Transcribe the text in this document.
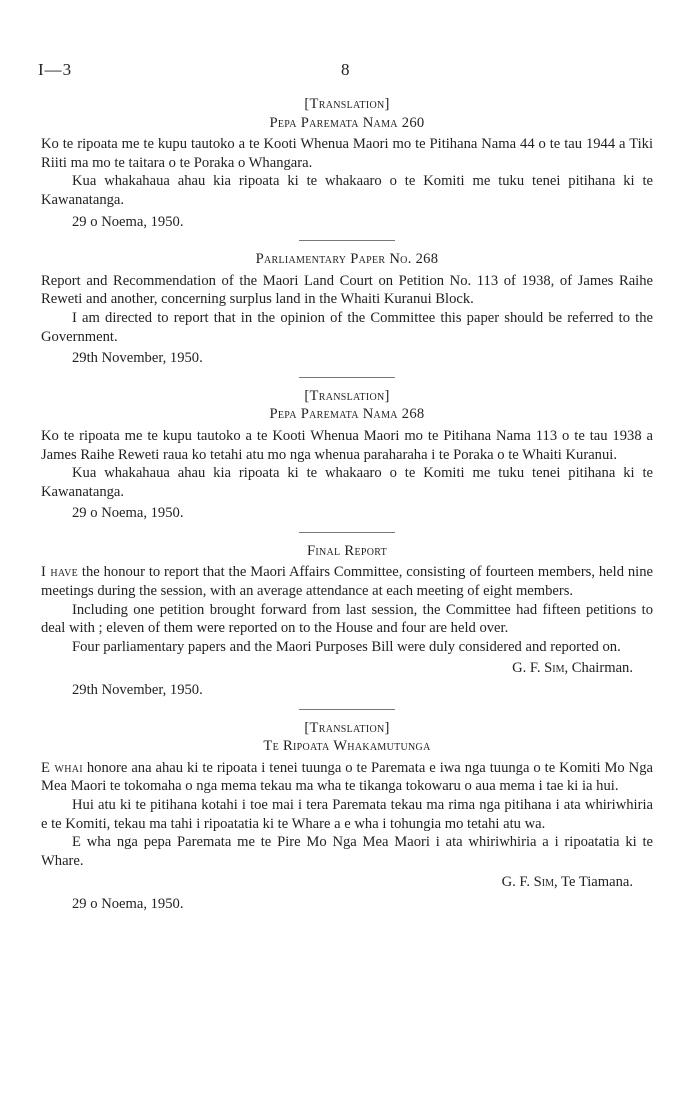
I—3	8
[Translation]
Pepa Paremata Nama 260

Ko te ripoata me te kupu tautoko a te Kooti Whenua Maori mo te Pitihana Nama 44 o te tau 1944 a Tiki Riiti ma mo te taitara o te Poraka o Whangara.

Kua whakahaua ahau kia ripoata ki te whakaaro o te Komiti me tuku tenei pitihana ki te Kawanatanga.

29 o Noema, 1950.
Parliamentary Paper No. 268

Report and Recommendation of the Maori Land Court on Petition No. 113 of 1938, of James Raihe Reweti and another, concerning surplus land in the Whaiti Kuranui Block.

I am directed to report that in the opinion of the Committee this paper should be referred to the Government.

29th November, 1950.
[Translation]
Pepa Paremata Nama 268

Ko te ripoata me te kupu tautoko a te Kooti Whenua Maori mo te Pitihana Nama 113 o te tau 1938 a James Raihe Reweti raua ko tetahi atu mo nga whenua paraharaha i te Poraka o te Whaiti Kuranui.

Kua whakahaua ahau kia ripoata ki te whakaaro o te Komiti me tuku tenei pitihana ki te Kawanatanga.

29 o Noema, 1950.
Final Report

I have the honour to report that the Maori Affairs Committee, consisting of fourteen members, held nine meetings during the session, with an average attendance at each meeting of eight members.

Including one petition brought forward from last session, the Committee had fifteen petitions to deal with ; eleven of them were reported on to the House and four are held over.

Four parliamentary papers and the Maori Purposes Bill were duly considered and reported on.

G. F. Sim, Chairman.
29th November, 1950.
[Translation]
Te Ripoata Whakamutunga

E whai honore ana ahau ki te ripoata i tenei tuunga o te Paremata e iwa nga tuunga o te Komiti Mo Nga Mea Maori te tokomaha o nga mema tekau ma wha te tikanga tokowaru o aua mema i tae ki ia hui.

Hui atu ki te pitihana kotahi i toe mai i tera Paremata tekau ma rima nga pitihana i ata whiriwhiria e te Komiti, tekau ma tahi i ripoatatia ki te Whare a e wha i tohungia mo tetahi atu wa.

E wha nga pepa Paremata me te Pire Mo Nga Mea Maori i ata whiriwhiria a i ripoatatia ki te Whare.

G. F. Sim, Te Tiamana.
29 o Noema, 1950.
